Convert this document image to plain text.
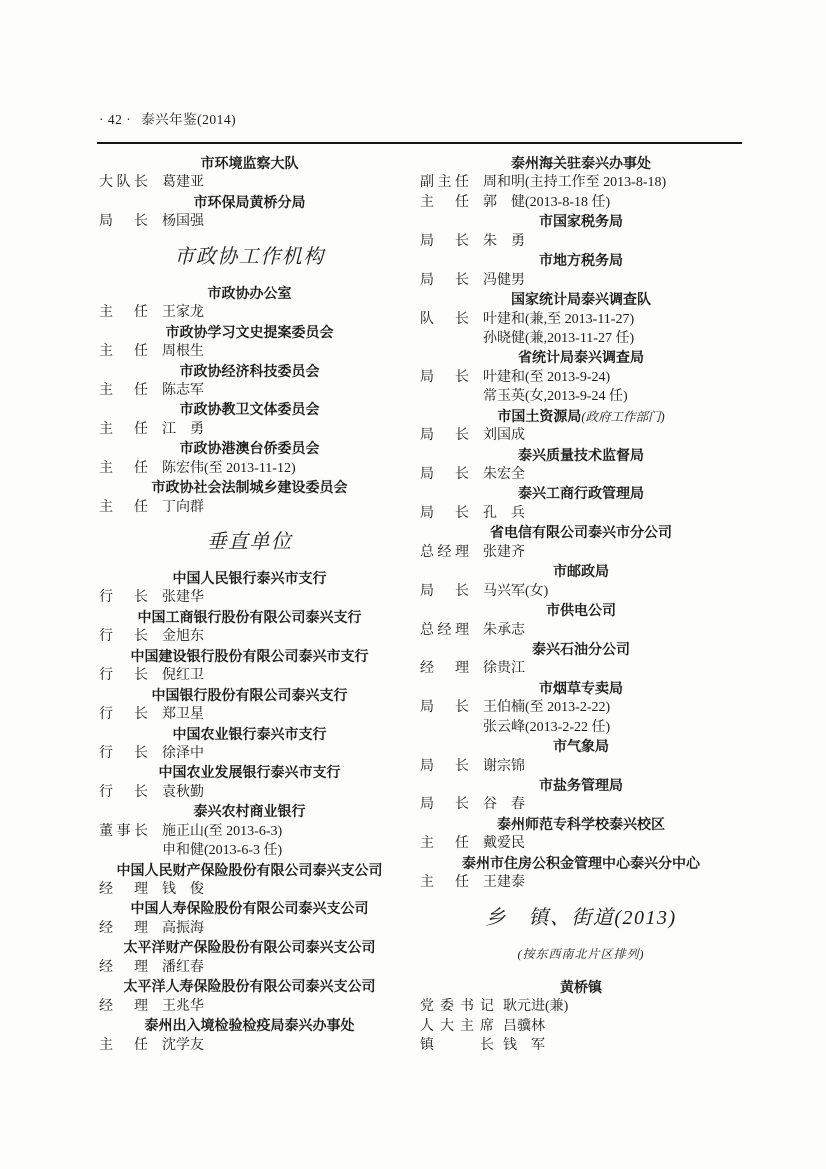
· 42 · 泰兴年鉴(2014)
市环境监察大队
大 队 长 葛建亚
市环保局黄桥分局
局 长 杨国强
市政协工作机构
市政协办公室
主 任 王家龙
市政协学习文史提案委员会
主 任 周根生
市政协经济科技委员会
主 任 陈志军
市政协教卫文体委员会
主 任 江　勇
市政协港澳台侨委员会
主 任 陈宏伟(至 2013-11-12)
市政协社会法制城乡建设委员会
主 任 丁向群
垂直单位
中国人民银行泰兴市支行
行 长 张建华
中国工商银行股份有限公司泰兴支行
行 长 金旭东
中国建设银行股份有限公司泰兴市支行
行 长 倪红卫
中国银行股份有限公司泰兴支行
行 长 郑卫星
中国农业银行泰兴市支行
行 长 徐泽中
中国农业发展银行泰兴市支行
行 长 袁秋勤
泰兴农村商业银行
董 事 长 施正山(至 2013-6-3)
申和健(2013-6-3 任)
中国人民财产保险股份有限公司泰兴支公司
经 理 钱　俊
中国人寿保险股份有限公司泰兴支公司
经 理 高振海
太平洋财产保险股份有限公司泰兴支公司
经 理 潘红春
太平洋人寿保险股份有限公司泰兴支公司
经 理 王兆华
泰州出入境检验检疫局泰兴办事处
主 任 沈学友
泰州海关驻泰兴办事处
副 主 任 周和明(主持工作至 2013-8-18)
主 任 郭　健(2013-8-18 任)
市国家税务局
局 长 朱　勇
市地方税务局
局 长 冯健男
国家统计局泰兴调查队
队 长 叶建和(兼,至 2013-11-27)
孙晓健(兼,2013-11-27 任)
省统计局泰兴调查局
局 长 叶建和(至 2013-9-24)
常玉英(女,2013-9-24 任)
市国土资源局(政府工作部门)
局 长 刘国成
泰兴质量技术监督局
局 长 朱宏全
泰兴工商行政管理局
局 长 孔　兵
省电信有限公司泰兴市分公司
总 经 理 张建齐
市邮政局
局 长 马兴军(女)
市供电公司
总 经 理 朱承志
泰兴石油分公司
经 理 徐贵江
市烟草专卖局
局 长 王伯楠(至 2013-2-22)
张云峰(2013-2-22 任)
市气象局
局 长 谢宗锦
市盐务管理局
局 长 谷　春
泰州师范专科学校泰兴校区
主 任 戴爱民
泰州市住房公积金管理中心泰兴分中心
主 任 王建泰
乡　镇、街道(2013)
(按东西南北片区排列)
黄桥镇
党 委 书 记 耿元进(兼)
人 大 主 席 吕骥林
镇 长 钱　军
